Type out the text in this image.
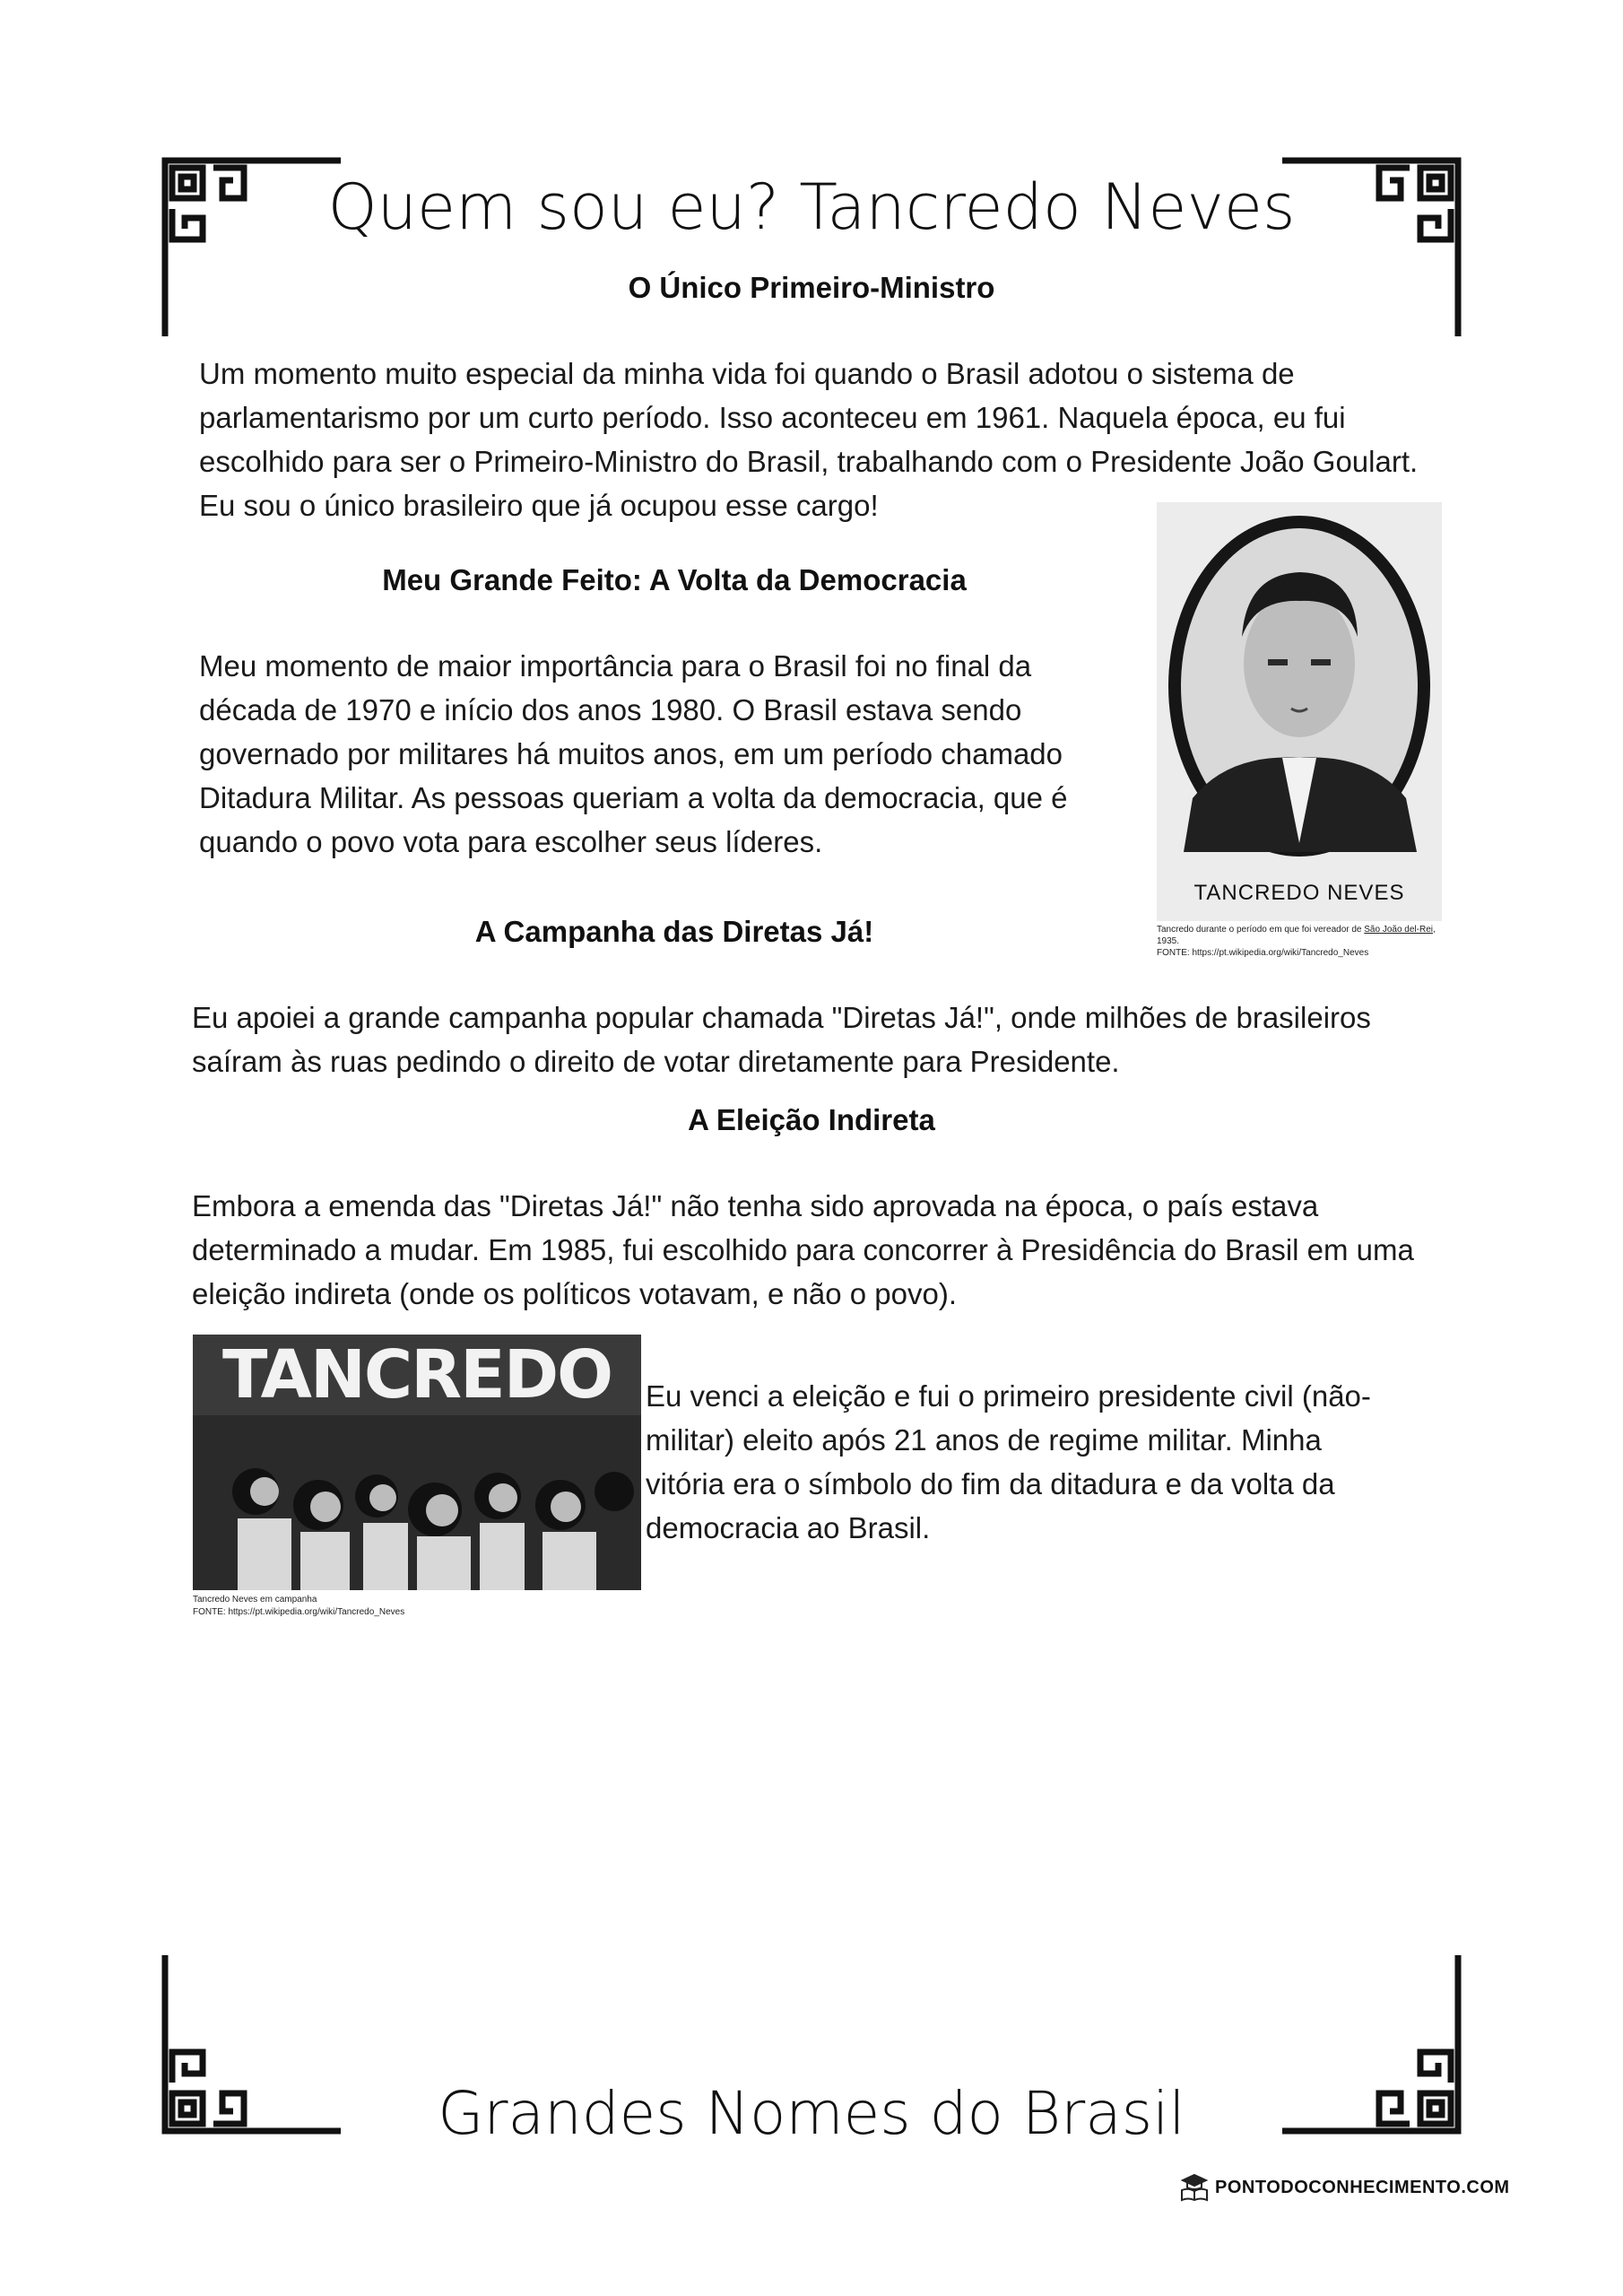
Quem sou eu? Tancredo Neves
O Único Primeiro-Ministro

Um momento muito especial da minha vida foi quando o Brasil adotou o sistema de parlamentarismo por um curto período. Isso aconteceu em 1961. Naquela época, eu fui escolhido para ser o Primeiro-Ministro do Brasil, trabalhando com o Presidente João Goulart. Eu sou o único brasileiro que já ocupou esse cargo!

Meu Grande Feito: A Volta da Democracia

Meu momento de maior importância para o Brasil foi no final da década de 1970 e início dos anos 1980. O Brasil estava sendo governado por militares há muitos anos, em um período chamado Ditadura Militar. As pessoas queriam a volta da democracia, que é quando o povo vota para escolher seus líderes.

TANCREDO NEVES
Tancredo durante o período em que foi vereador de São João del-Rei, 1935.
FONTE: https://pt.wikipedia.org/wiki/Tancredo_Neves
A Campanha das Diretas Já!

Eu apoiei a grande campanha popular chamada "Diretas Já!", onde milhões de brasileiros saíram às ruas pedindo o direito de votar diretamente para Presidente.

A Eleição Indireta

Embora a emenda das "Diretas Já!" não tenha sido aprovada na época, o país estava determinado a mudar. Em 1985, fui escolhido para concorrer à Presidência do Brasil em uma eleição indireta (onde os políticos votavam, e não o povo).

TANCREDO
Tancredo Neves em campanha
FONTE: https://pt.wikipedia.org/wiki/Tancredo_Neves

Eu venci a eleição e fui o primeiro presidente civil (não-militar) eleito após 21 anos de regime militar. Minha vitória era o símbolo do fim da ditadura e da volta da democracia ao Brasil.

Grandes Nomes do Brasil
PONTODOCONHECIMENTO.COM
